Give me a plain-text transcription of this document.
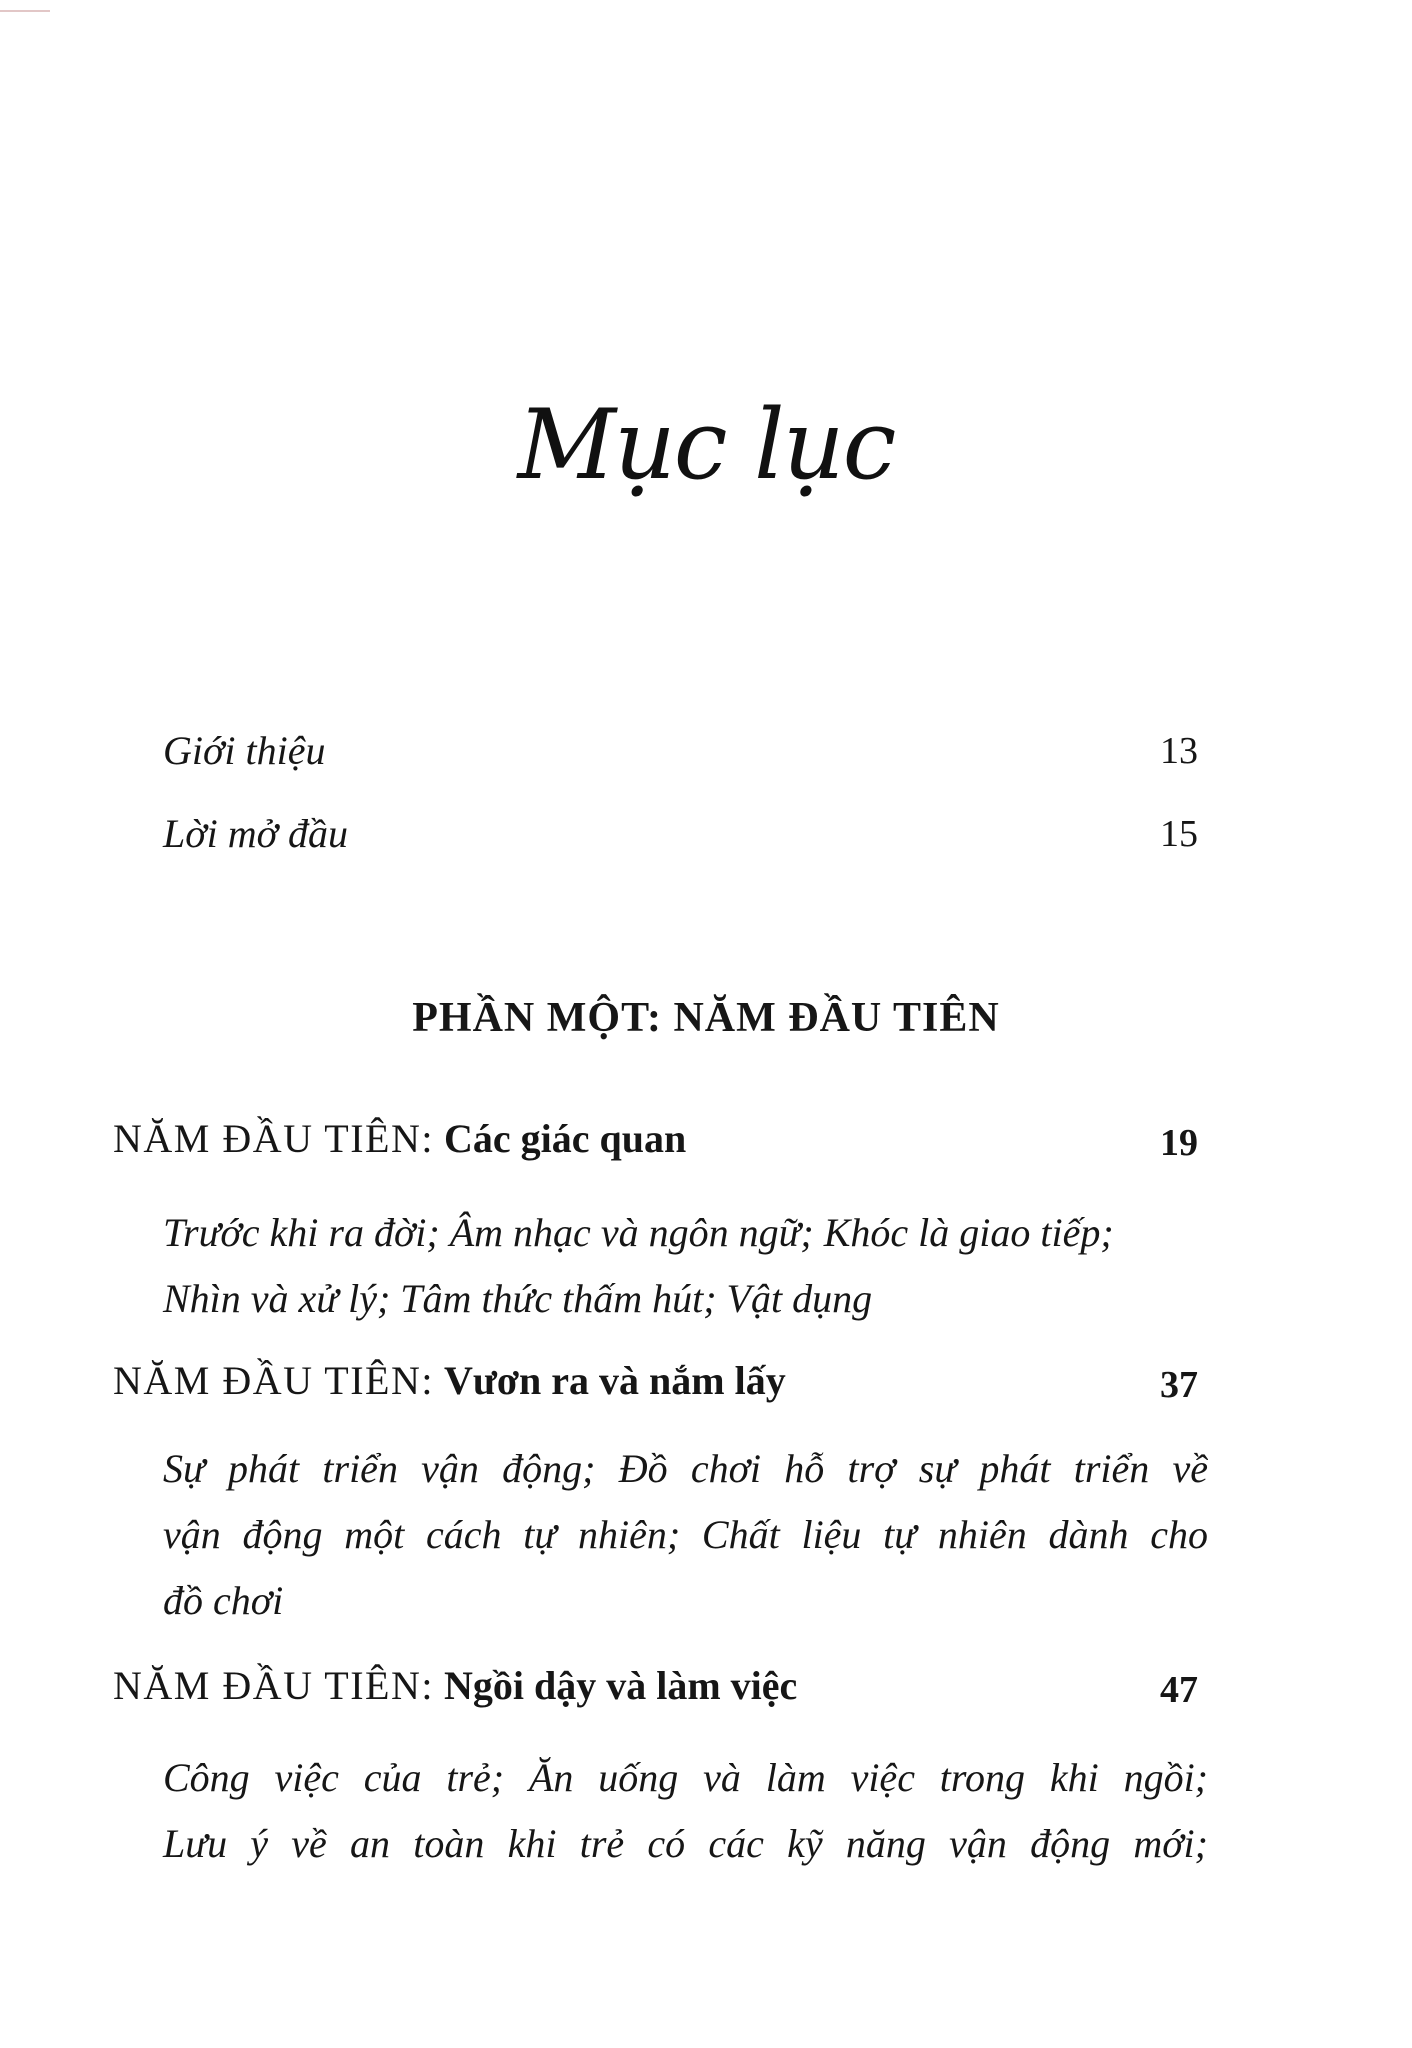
Mục lục
Giới thiệu	13
Lời mở đầu	15
PHẦN MỘT: NĂM ĐẦU TIÊN
NĂM ĐẦU TIÊN: Các giác quan	19
Trước khi ra đời; Âm nhạc và ngôn ngữ; Khóc là giao tiếp;
Nhìn và xử lý; Tâm thức thấm hút; Vật dụng
NĂM ĐẦU TIÊN: Vươn ra và nắm lấy	37
Sự phát triển vận động; Đồ chơi hỗ trợ sự phát triển về
vận động một cách tự nhiên; Chất liệu tự nhiên dành cho
đồ chơi
NĂM ĐẦU TIÊN: Ngồi dậy và làm việc	47
Công việc của trẻ; Ăn uống và làm việc trong khi ngồi;
Lưu ý về an toàn khi trẻ có các kỹ năng vận động mới;
